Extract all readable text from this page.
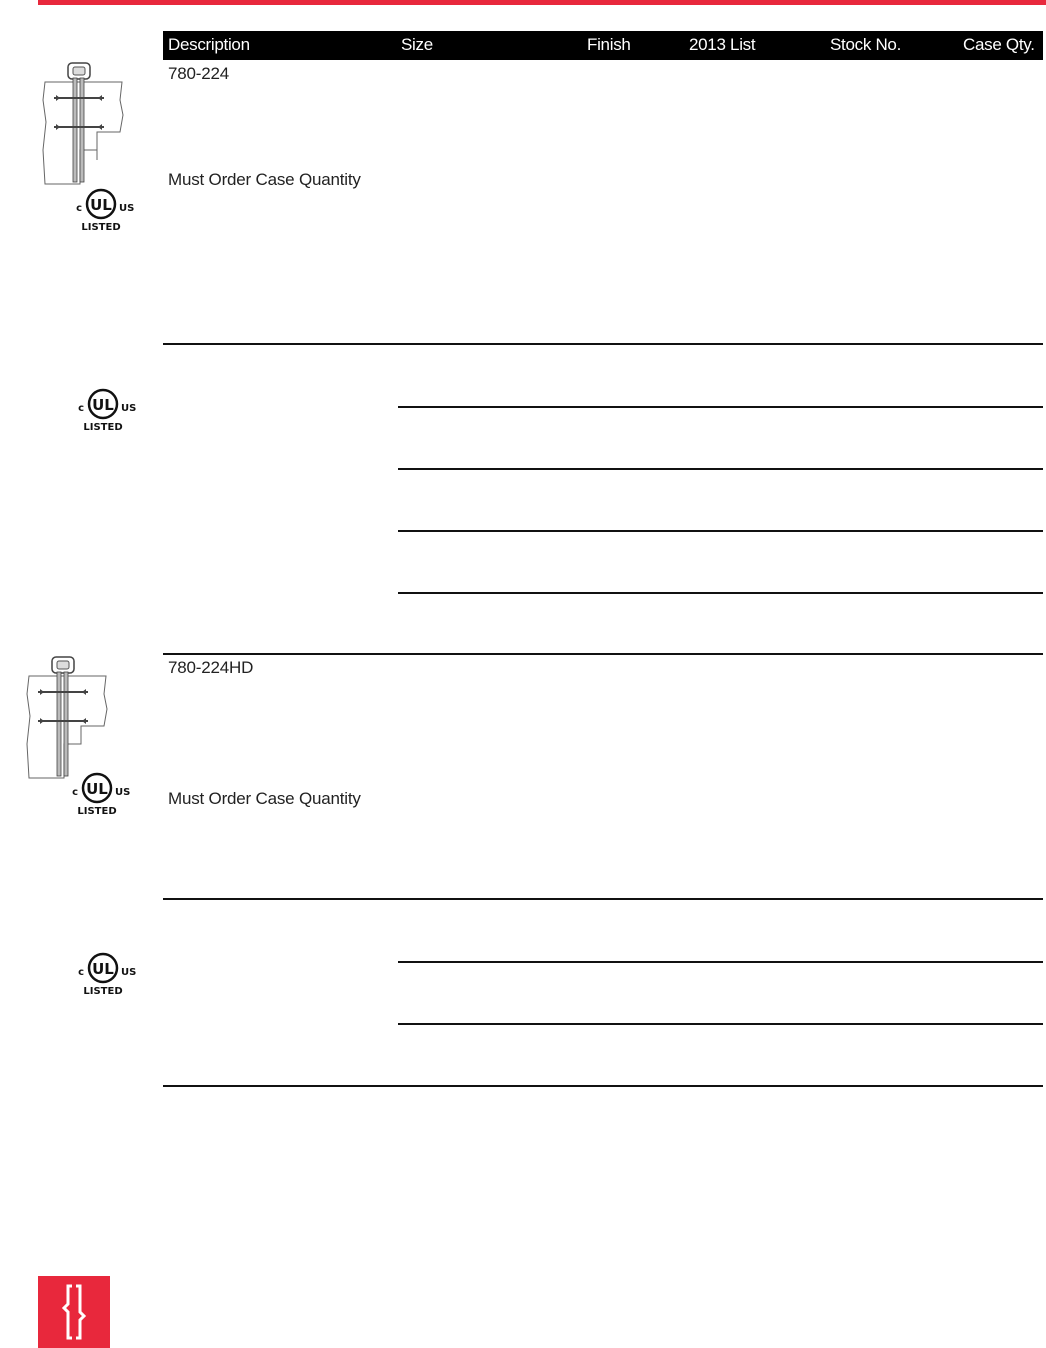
Description	Size	Finish	2013 List	Stock No.	Case Qty.
780-224
Must Order Case Quantity
UL
c	US
LISTED
UL
c	US
LISTED
780-224HD
Must Order Case Quantity
UL
c	US
LISTED
UL
c	US
LISTED
